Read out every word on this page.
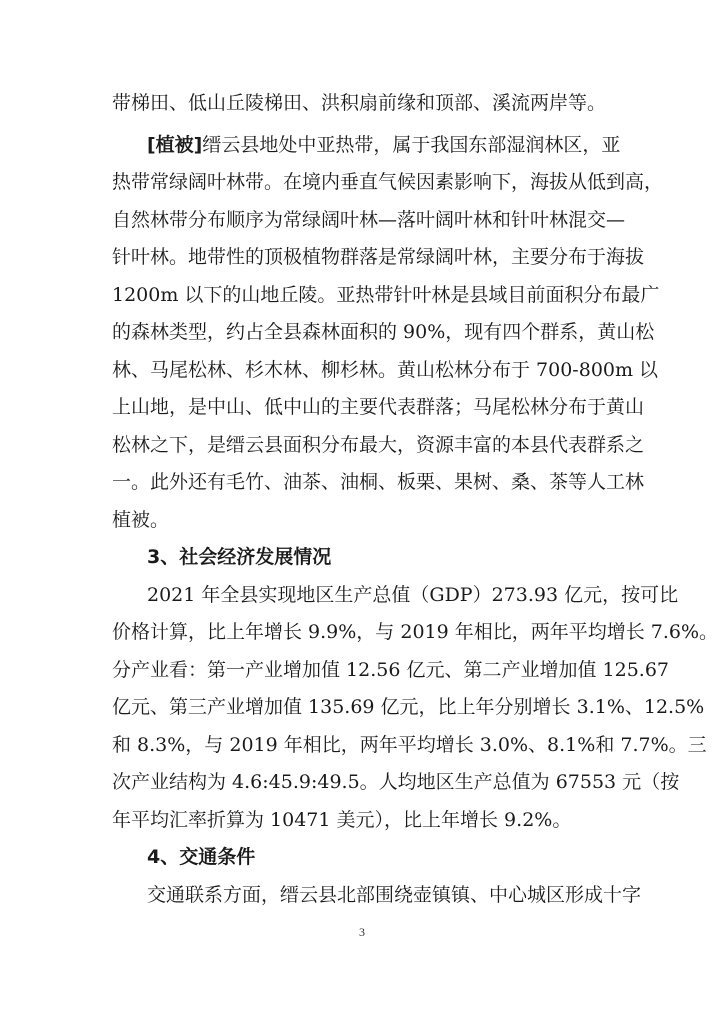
带梯田、低山丘陵梯田、洪积扇前缘和顶部、溪流两岸等。
[植被]缙云县地处中亚热带，属于我国东部湿润林区，亚
热带常绿阔叶林带。在境内垂直气候因素影响下，海拔从低到高，
自然林带分布顺序为常绿阔叶林—落叶阔叶林和针叶林混交—
针叶林。地带性的顶极植物群落是常绿阔叶林，主要分布于海拔
1200m 以下的山地丘陵。亚热带针叶林是县域目前面积分布最广
的森林类型，约占全县森林面积的 90%，现有四个群系，黄山松
林、马尾松林、杉木林、柳杉林。黄山松林分布于 700-800m 以
上山地，是中山、低中山的主要代表群落；马尾松林分布于黄山
松林之下，是缙云县面积分布最大，资源丰富的本县代表群系之
一。此外还有毛竹、油茶、油桐、板栗、果树、桑、茶等人工林
植被。
3、社会经济发展情况
2021 年全县实现地区生产总值（GDP）273.93 亿元，按可比
价格计算，比上年增长 9.9%，与 2019 年相比，两年平均增长 7.6%。
分产业看：第一产业增加值 12.56 亿元、第二产业增加值 125.67
亿元、第三产业增加值 135.69 亿元，比上年分别增长 3.1%、12.5%
和 8.3%，与 2019 年相比，两年平均增长 3.0%、8.1%和 7.7%。三
次产业结构为 4.6:45.9:49.5。人均地区生产总值为 67553 元（按
年平均汇率折算为 10471 美元），比上年增长 9.2%。
4、交通条件
交通联系方面，缙云县北部围绕壶镇镇、中心城区形成十字
3
